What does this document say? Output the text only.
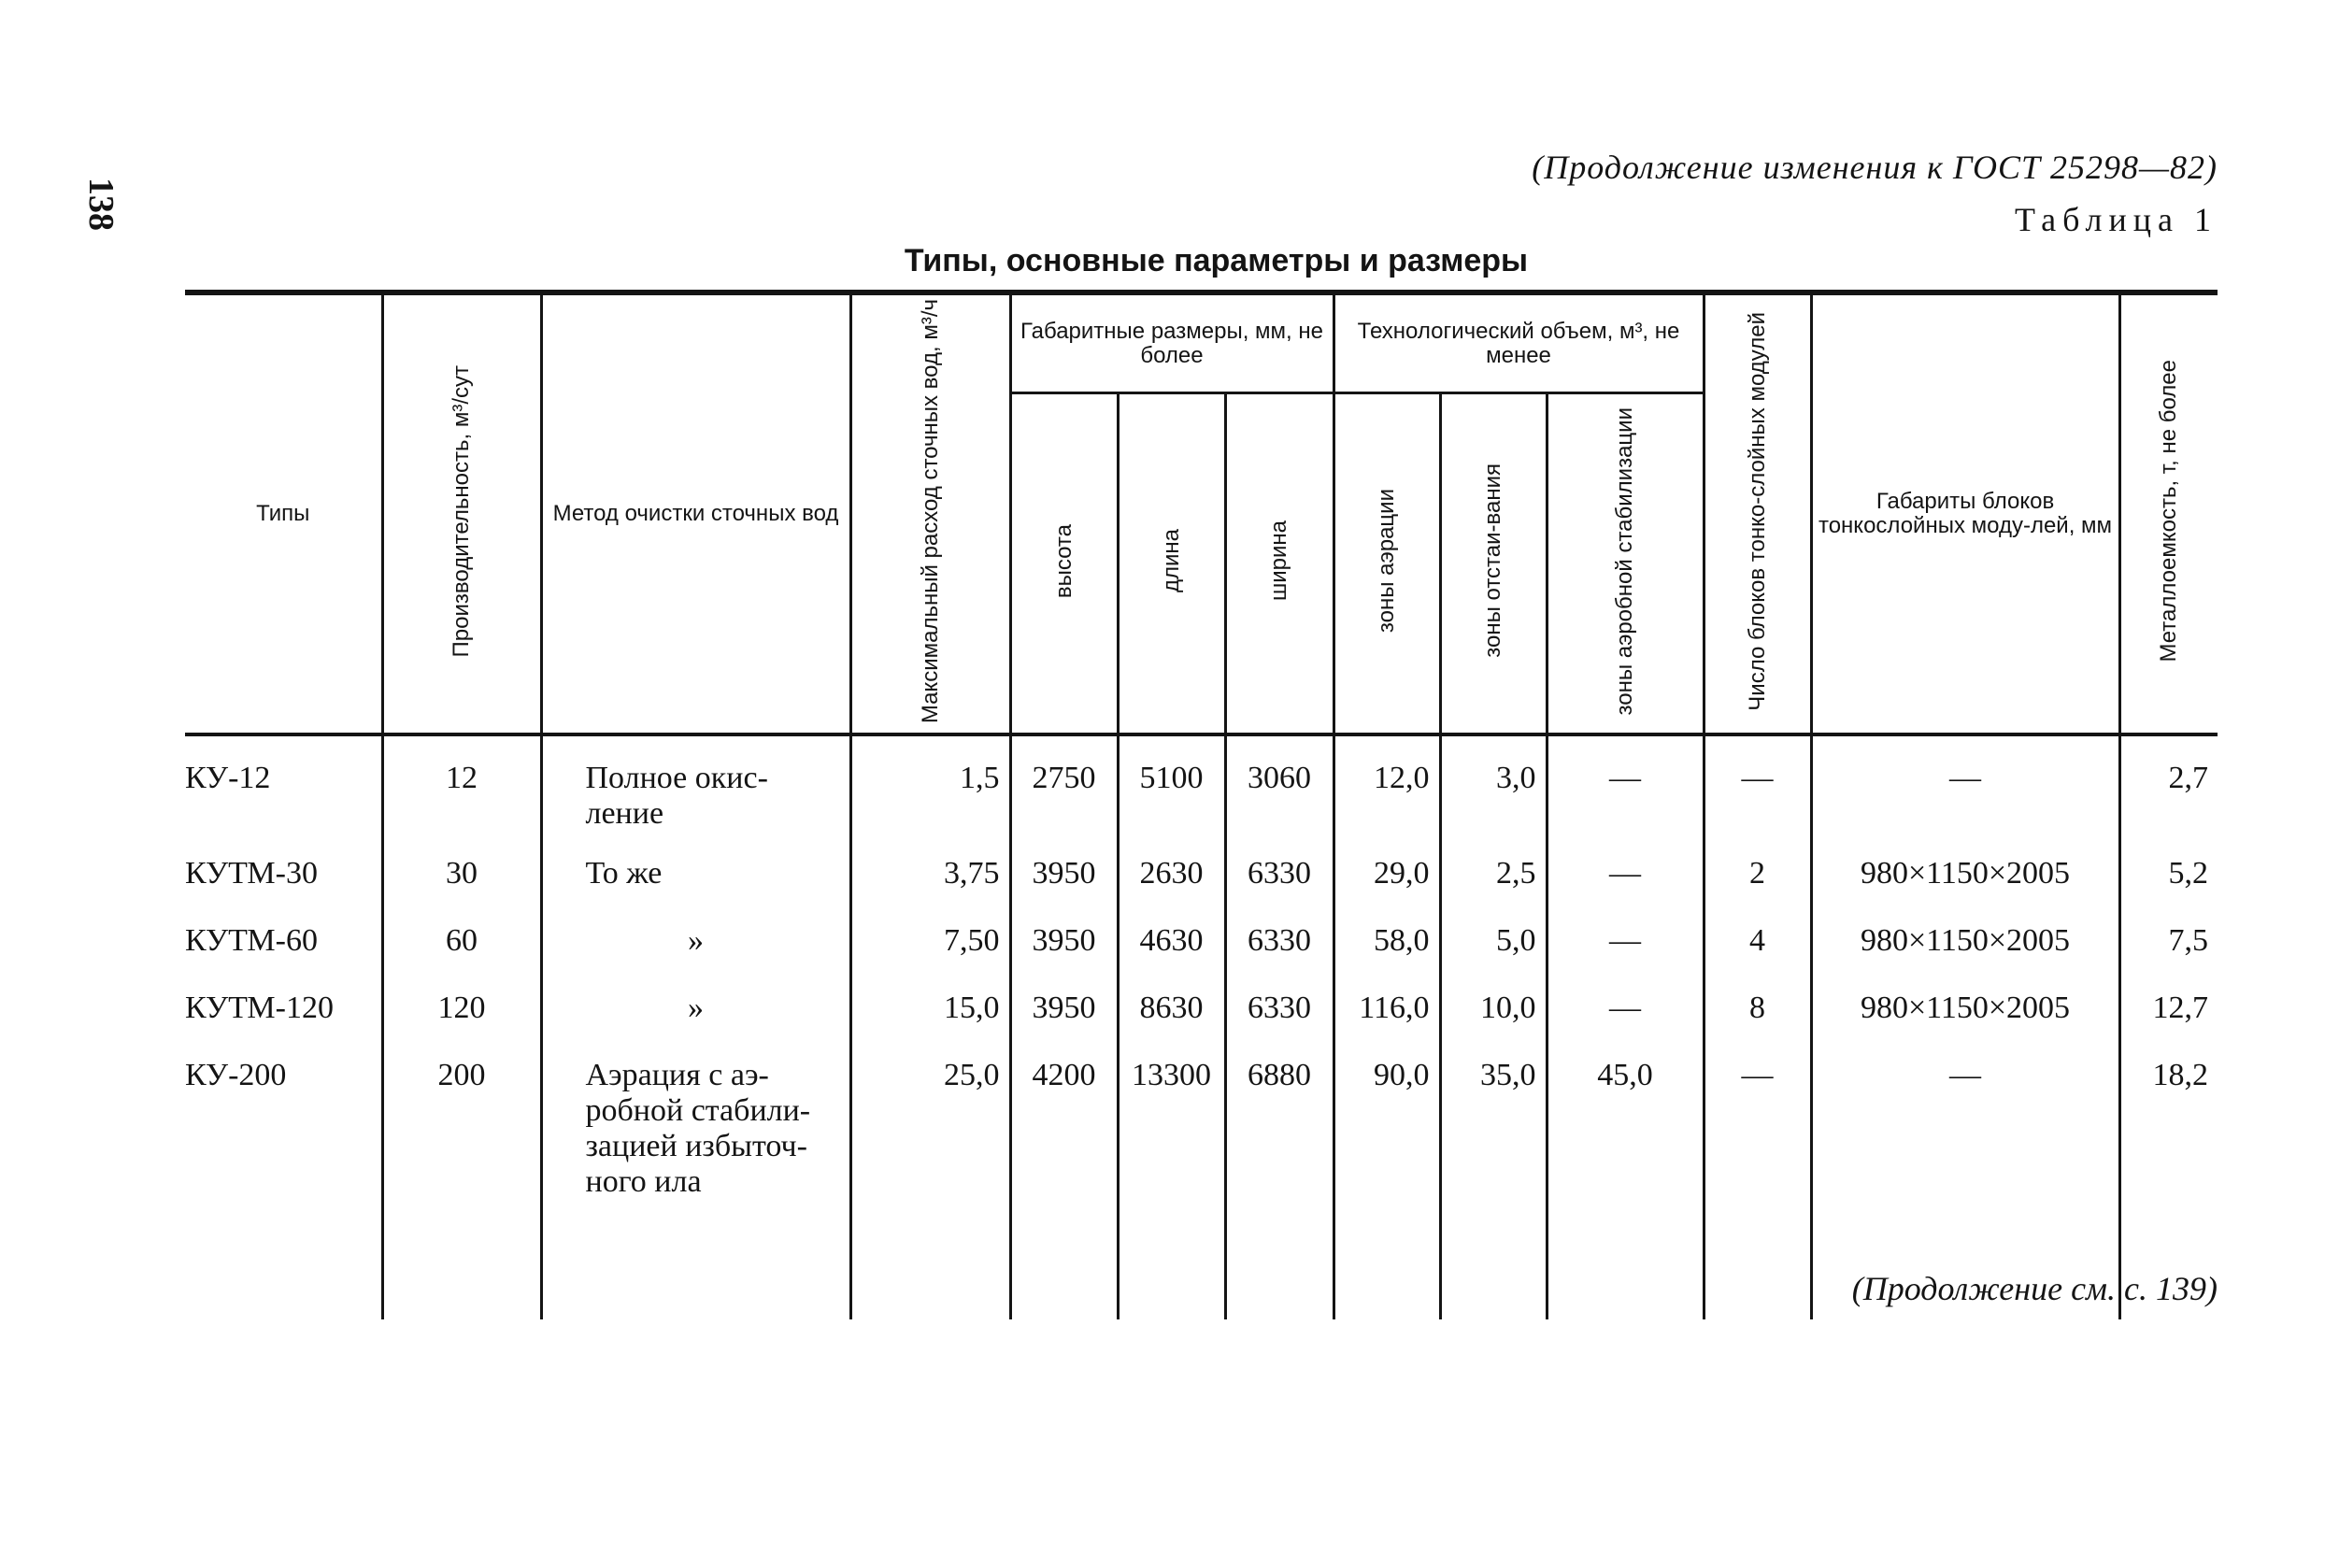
138
(Продолжение изменения к ГОСТ 25298—82)
Таблица 1
Типы, основные параметры и размеры
Типы	Производительность, м³/сут	Метод очистки сточных вод	Максимальный расход сточных вод, м³/ч	Габаритные размеры, мм, не более			Технологический объем, м³, не менее			Число блоков тонко-слойных модулей	Габариты блоков тонкослойных моду-лей, мм	Металлоемкость, т, не более
				высота	длина	ширина	зоны аэрации	зоны отстаи-вания	зоны аэробной стабилизации			
КУ-12	12	Полное окис-ление	1,5	2750	5100	3060	12,0	3,0	—	—	—	2,7
КУТМ-30	30	То же	3,75	3950	2630	6330	29,0	2,5	—	2	980×1150×2005	5,2
КУТМ-60	60	»	7,50	3950	4630	6330	58,0	5,0	—	4	980×1150×2005	7,5
КУТМ-120	120	»	15,0	3950	8630	6330	116,0	10,0	—	8	980×1150×2005	12,7
КУ-200	200	Аэрация с аэ-робной стабили-зацией избыточ-ного ила	25,0	4200	13300	6880	90,0	35,0	45,0	—	—	18,2
(Продолжение см. с. 139)
